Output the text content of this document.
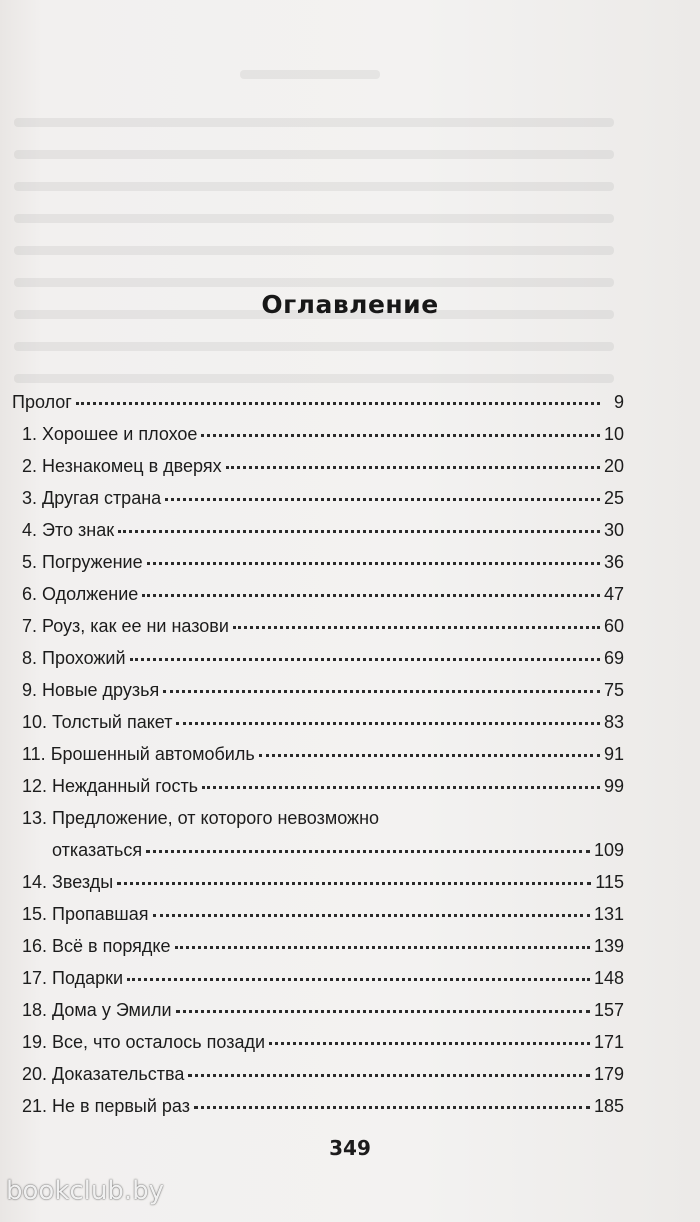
Оглавление
Пролог	9
1. Хорошее и плохое	10
2. Незнакомец в дверях	20
3. Другая страна	25
4. Это знак	30
5. Погружение	36
6. Одолжение	47
7. Роуз, как ее ни назови	60
8. Прохожий	69
9. Новые друзья	75
10. Толстый пакет	83
11. Брошенный автомобиль	91
12. Нежданный гость	99
13. Предложение, от которого невозможно
отказаться	109
14. Звезды	115
15. Пропавшая	131
16. Всё в порядке	139
17. Подарки	148
18. Дома у Эмили	157
19. Все, что осталось позади	171
20. Доказательства	179
21. Не в первый раз	185
349
bookclub.by
